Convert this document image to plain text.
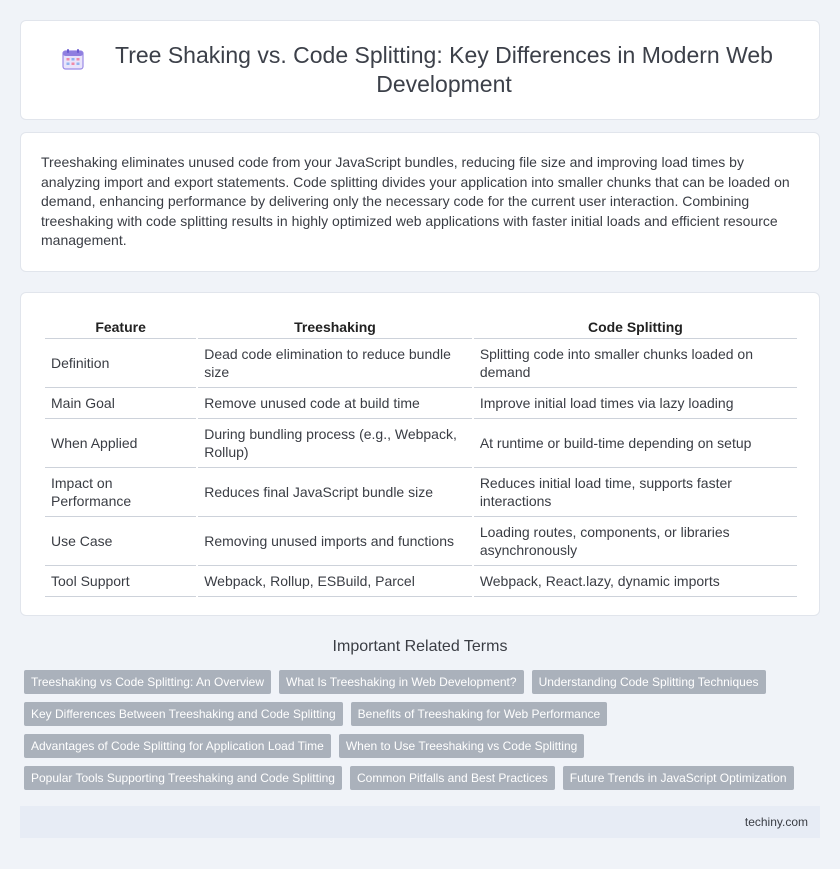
Tree Shaking vs. Code Splitting: Key Differences in Modern Web Development

Treeshaking eliminates unused code from your JavaScript bundles, reducing file size and improving load times by analyzing import and export statements. Code splitting divides your application into smaller chunks that can be loaded on demand, enhancing performance by delivering only the necessary code for the current user interaction. Combining treeshaking with code splitting results in highly optimized web applications with faster initial loads and efficient resource management.

Feature	Treeshaking	Code Splitting
Definition	Dead code elimination to reduce bundle size	Splitting code into smaller chunks loaded on demand
Main Goal	Remove unused code at build time	Improve initial load times via lazy loading
When Applied	During bundling process (e.g., Webpack, Rollup)	At runtime or build-time depending on setup
Impact on Performance	Reduces final JavaScript bundle size	Reduces initial load time, supports faster interactions
Use Case	Removing unused imports and functions	Loading routes, components, or libraries asynchronously
Tool Support	Webpack, Rollup, ESBuild, Parcel	Webpack, React.lazy, dynamic imports
Important Related Terms
Treeshaking vs Code Splitting: An Overview	What Is Treeshaking in Web Development?	Understanding Code Splitting Techniques
Key Differences Between Treeshaking and Code Splitting	Benefits of Treeshaking for Web Performance
Advantages of Code Splitting for Application Load Time	When to Use Treeshaking vs Code Splitting
Popular Tools Supporting Treeshaking and Code Splitting	Common Pitfalls and Best Practices	Future Trends in JavaScript Optimization
techiny.com
